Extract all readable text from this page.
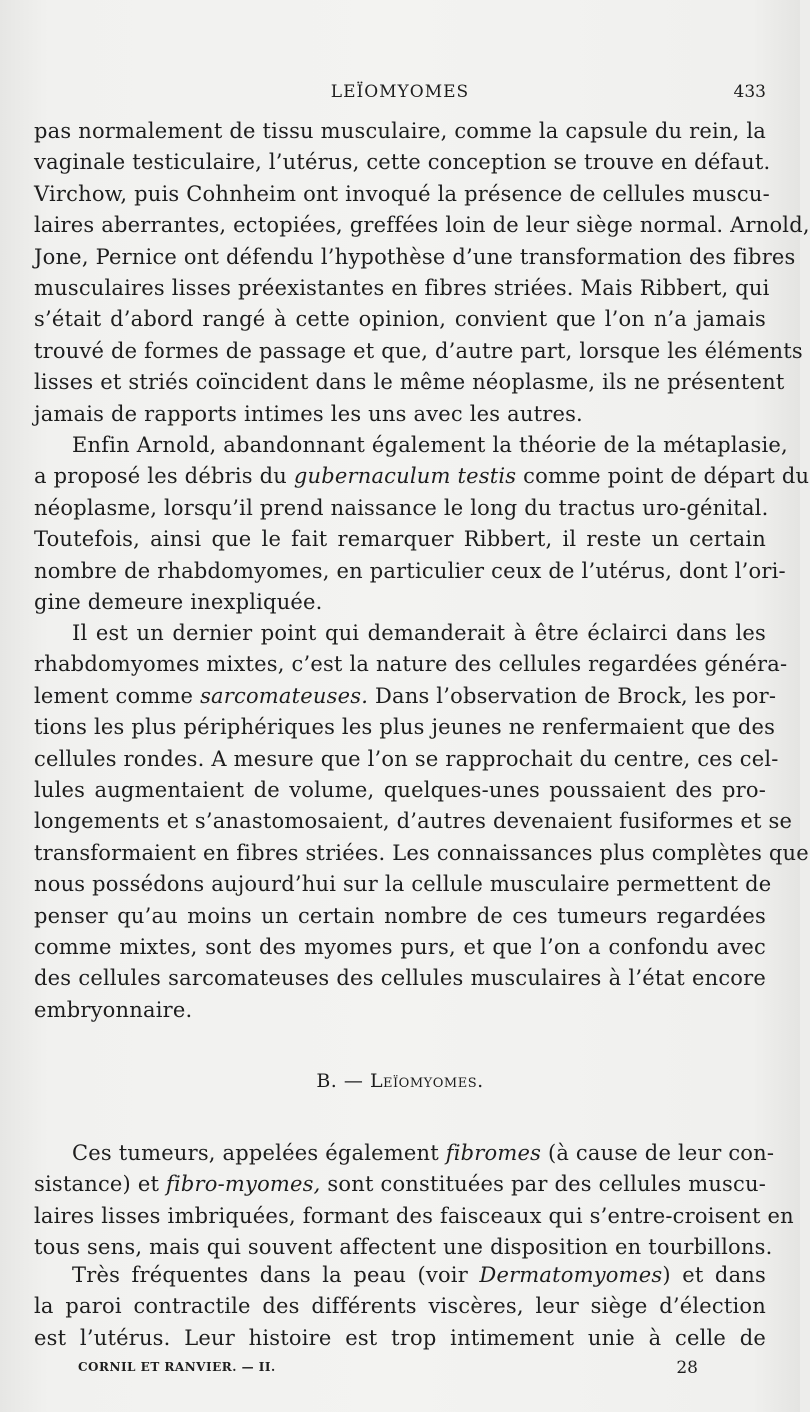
LEÏOMYOMES	433
pas normalement de tissu musculaire, comme la capsule du rein, la
vaginale testiculaire, l’utérus, cette conception se trouve en défaut.
Virchow, puis Cohnheim ont invoqué la présence de cellules muscu-
laires aberrantes, ectopiées, greffées loin de leur siège normal. Arnold,
Jone, Pernice ont défendu l’hypothèse d’une transformation des fibres
musculaires lisses préexistantes en fibres striées. Mais Ribbert, qui
s’était d’abord rangé à cette opinion, convient que l’on n’a jamais
trouvé de formes de passage et que, d’autre part, lorsque les éléments
lisses et striés coïncident dans le même néoplasme, ils ne présentent
jamais de rapports intimes les uns avec les autres.
Enfin Arnold, abandonnant également la théorie de la métaplasie,
a proposé les débris du gubernaculum testis comme point de départ du
néoplasme, lorsqu’il prend naissance le long du tractus uro-génital.
Toutefois, ainsi que le fait remarquer Ribbert, il reste un certain
nombre de rhabdomyomes, en particulier ceux de l’utérus, dont l’ori-
gine demeure inexpliquée.
Il est un dernier point qui demanderait à être éclairci dans les
rhabdomyomes mixtes, c’est la nature des cellules regardées généra-
lement comme sarcomateuses. Dans l’observation de Brock, les por-
tions les plus périphériques les plus jeunes ne renfermaient que des
cellules rondes. A mesure que l’on se rapprochait du centre, ces cel-
lules augmentaient de volume, quelques-unes poussaient des pro-
longements et s’anastomosaient, d’autres devenaient fusiformes et se
transformaient en fibres striées. Les connaissances plus complètes que
nous possédons aujourd’hui sur la cellule musculaire permettent de
penser qu’au moins un certain nombre de ces tumeurs regardées
comme mixtes, sont des myomes purs, et que l’on a confondu avec
des cellules sarcomateuses des cellules musculaires à l’état encore
embryonnaire.
B. — Leïomyomes.
Ces tumeurs, appelées également fibromes (à cause de leur con-
sistance) et fibro-myomes, sont constituées par des cellules muscu-
laires lisses imbriquées, formant des faisceaux qui s’entre-croisent en
tous sens, mais qui souvent affectent une disposition en tourbillons.
Très fréquentes dans la peau (voir Dermatomyomes) et dans
la paroi contractile des différents viscères, leur siège d’élection
est l’utérus. Leur histoire est trop intimement unie à celle de
CORNIL ET RANVIER. — II.	28
